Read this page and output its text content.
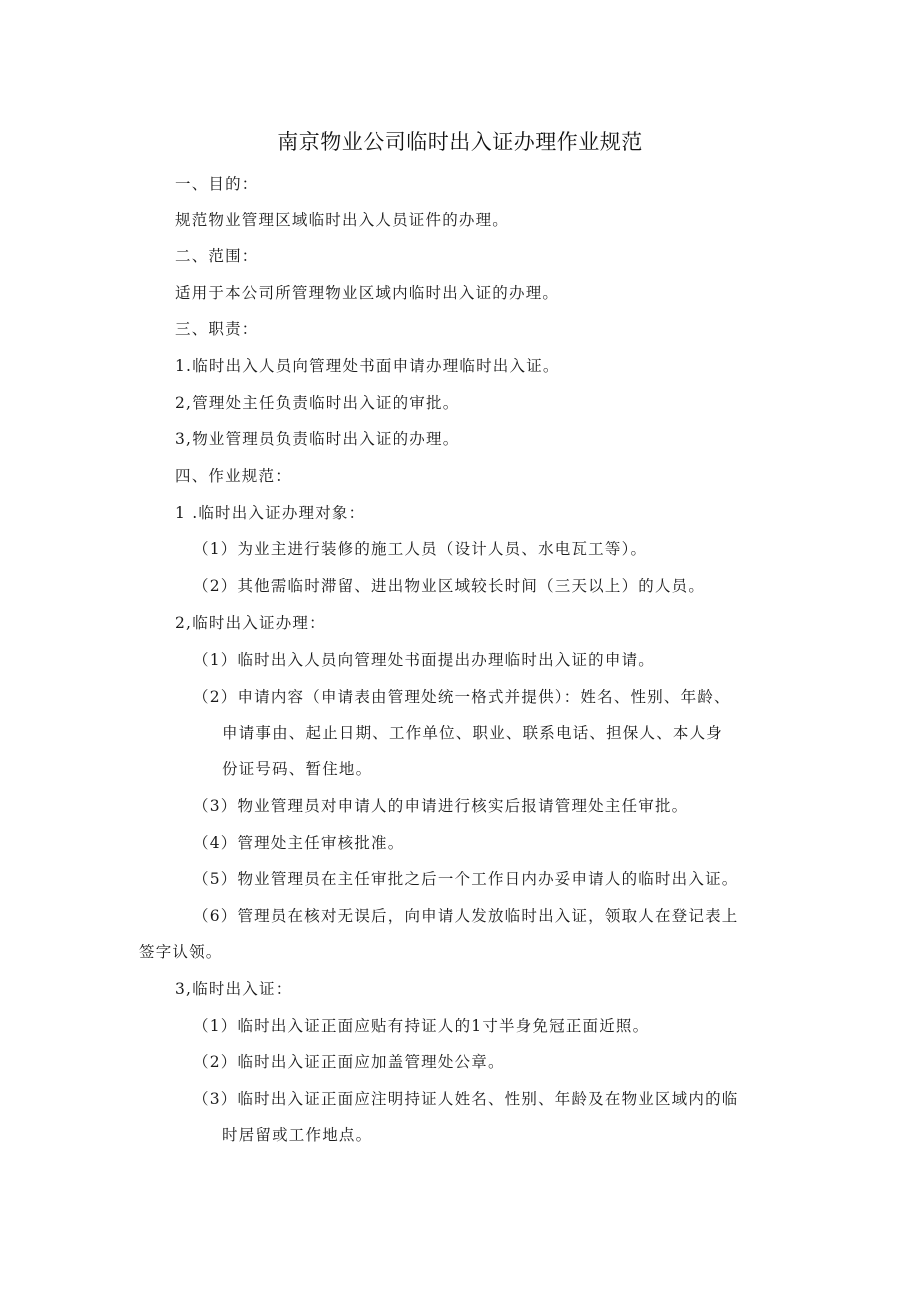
南京物业公司临时出入证办理作业规范
一、目的：
规范物业管理区域临时出入人员证件的办理。
二、范围：
适用于本公司所管理物业区域内临时出入证的办理。
三、职责：
1.临时出入人员向管理处书面申请办理临时出入证。
2,管理处主任负责临时出入证的审批。
3,物业管理员负责临时出入证的办理。
四、作业规范：
1 .临时出入证办理对象：
（1）为业主进行装修的施工人员（设计人员、水电瓦工等）。
（2）其他需临时滞留、进出物业区域较长时间（三天以上）的人员。
2,临时出入证办理：
（1）临时出入人员向管理处书面提出办理临时出入证的申请。
（2）申请内容（申请表由管理处统一格式并提供）：姓名、性别、年龄、
申请事由、起止日期、工作单位、职业、联系电话、担保人、本人身
份证号码、暂住地。
（3）物业管理员对申请人的申请进行核实后报请管理处主任审批。
（4）管理处主任审核批准。
（5）物业管理员在主任审批之后一个工作日内办妥申请人的临时出入证。
（6）管理员在核对无误后，向申请人发放临时出入证，领取人在登记表上
签字认领。
3,临时出入证：
（1）临时出入证正面应贴有持证人的1寸半身免冠正面近照。
（2）临时出入证正面应加盖管理处公章。
（3）临时出入证正面应注明持证人姓名、性别、年龄及在物业区域内的临
时居留或工作地点。
